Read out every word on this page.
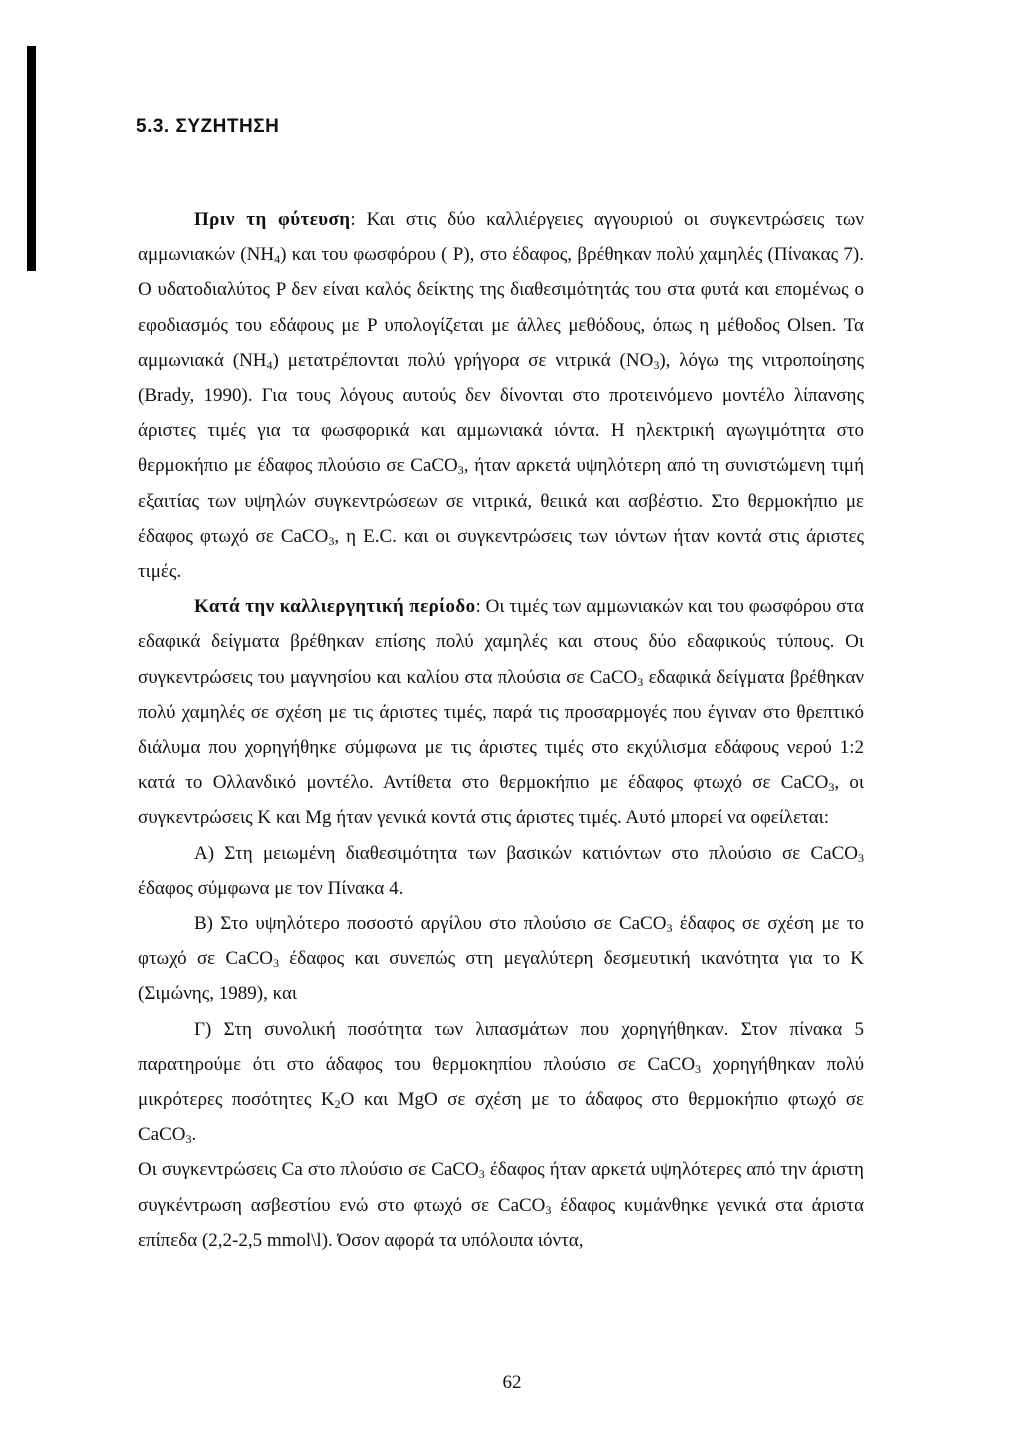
5.3. ΣΥΖΗΤΗΣΗ

Πριν τη φύτευση: Και στις δύο καλλιέργειες αγγουριού οι συγκεντρώσεις των αμμωνιακών $(NH_4)$ και του φωσφόρου ( P), στο έδαφος, βρέθηκαν πολύ χαμηλές (Πίνακας 7). Ο υδατοδιαλύτος P δεν είναι καλός δείκτης της διαθεσιμότητάς του στα φυτά και επομένως ο εφοδιασμός του εδάφους με P υπολογίζεται με άλλες μεθόδους, όπως η μέθοδος Olsen. Τα αμμωνιακά $(NH_4)$ μετατρέπονται πολύ γρήγορα σε νιτρικά $(NO_3)$, λόγω της νιτροποίησης (Brady, 1990). Για τους λόγους αυτούς δεν δίνονται στο προτεινόμενο μοντέλο λίπανσης άριστες τιμές για τα φωσφορικά και αμμωνιακά ιόντα. Η ηλεκτρική αγωγιμότητα στο θερμοκήπιο με έδαφος πλούσιο σε CaCO$_3$, ήταν αρκετά υψηλότερη από τη συνιστώμενη τιμή εξαιτίας των υψηλών συγκεντρώσεων σε νιτρικά, θειικά και ασβέστιο. Στο θερμοκήπιο με έδαφος φτωχό σε CaCO$_3$, η E.C. και οι συγκεντρώσεις των ιόντων ήταν κοντά στις άριστες τιμές.

Κατά την καλλιεργητική περίοδο: Οι τιμές των αμμωνιακών και του φωσφόρου στα εδαφικά δείγματα βρέθηκαν επίσης πολύ χαμηλές και στους δύο εδαφικούς τύπους. Οι συγκεντρώσεις του μαγνησίου και καλίου στα πλούσια σε CaCO$_3$ εδαφικά δείγματα βρέθηκαν πολύ χαμηλές σε σχέση με τις άριστες τιμές, παρά τις προσαρμογές που έγιναν στο θρεπτικό διάλυμα που χορηγήθηκε σύμφωνα με τις άριστες τιμές στο εκχύλισμα εδάφους νερού 1:2 κατά το Ολλανδικό μοντέλο. Αντίθετα στο θερμοκήπιο με έδαφος φτωχό σε CaCO$_3$, οι συγκεντρώσεις K και Mg ήταν γενικά κοντά στις άριστες τιμές. Αυτό μπορεί να οφείλεται:

Α) Στη μειωμένη διαθεσιμότητα των βασικών κατιόντων στο πλούσιο σε CaCO$_3$ έδαφος σύμφωνα με τον Πίνακα 4.

Β) Στο υψηλότερο ποσοστό αργίλου στο πλούσιο σε CaCO$_3$ έδαφος σε σχέση με το φτωχό σε CaCO$_3$ έδαφος και συνεπώς στη μεγαλύτερη δεσμευτική ικανότητα για το K (Σιμώνης, 1989), και

Γ) Στη συνολική ποσότητα των λιπασμάτων που χορηγήθηκαν. Στον πίνακα 5 παρατηρούμε ότι στο άδαφος του θερμοκηπίου πλούσιο σε CaCO$_3$ χορηγήθηκαν πολύ μικρότερες ποσότητες $K_2O$ και MgO σε σχέση με το άδαφος στο θερμοκήπιο φτωχό σε CaCO$_3$.

Οι συγκεντρώσεις Ca στο πλούσιο σε CaCO$_3$ έδαφος ήταν αρκετά υψηλότερες από την άριστη συγκέντρωση ασβεστίου ενώ στο φτωχό σε CaCO$_3$ έδαφος κυμάνθηκε γενικά στα άριστα επίπεδα (2,2-2,5 mmol\l). Όσον αφορά τα υπόλοιπα ιόντα,

62
